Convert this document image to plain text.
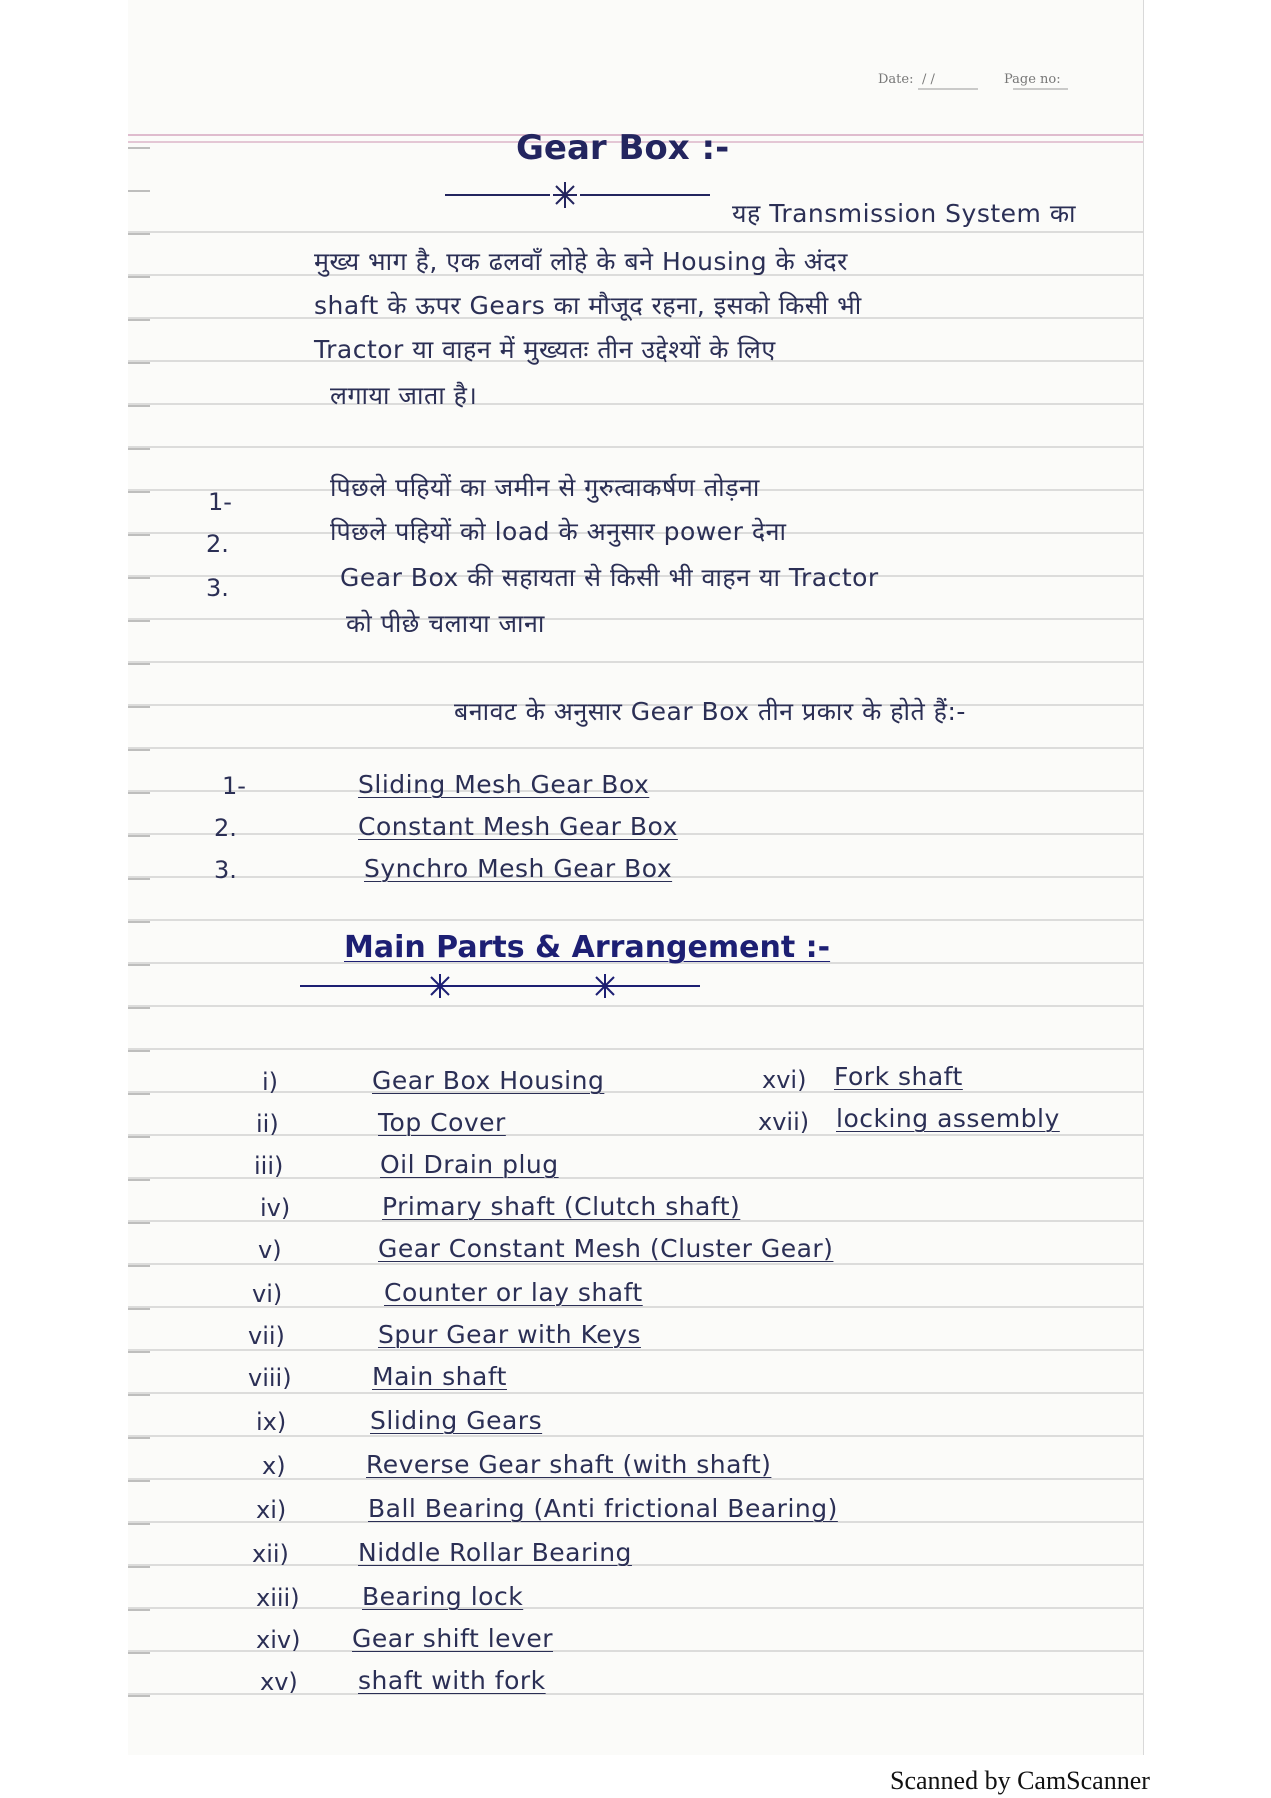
Date: / /	Page no:
Gear Box :-
यह Transmission System का
मुख्य भाग है, एक ढलवाँ लोहे के बने Housing के अंदर
shaft के ऊपर Gears का मौजूद रहना, इसको किसी भी
Tractor या वाहन में मुख्यतः तीन उद्देश्यों के लिए
लगाया जाता है।
1-	पिछले पहियों का जमीन से गुरुत्वाकर्षण तोड़ना
2.	पिछले पहियों को load के अनुसार power देना
3.	Gear Box की सहायता से किसी भी वाहन या Tractor
को पीछे चलाया जाना
बनावट के अनुसार Gear Box तीन प्रकार के होते हैं:-
1-	Sliding Mesh Gear Box
2.	Constant Mesh Gear Box
3.	Synchro Mesh Gear Box
Main Parts & Arrangement :-
i)	Gear Box Housing
ii)	Top Cover
iii)	Oil Drain plug
iv)	Primary shaft (Clutch shaft)
v)	Gear Constant Mesh (Cluster Gear)
vi)	Counter or lay shaft
vii)	Spur Gear with Keys
viii)	Main shaft
ix)	Sliding Gears
x)	Reverse Gear shaft (with shaft)
xi)	Ball Bearing (Anti frictional Bearing)
xii)	Niddle Rollar Bearing
xiii) Bearing lock
xiv) Gear shift lever
xv) shaft with fork
xvi) Fork shaft
xvii) locking assembly
Scanned by CamScanner
